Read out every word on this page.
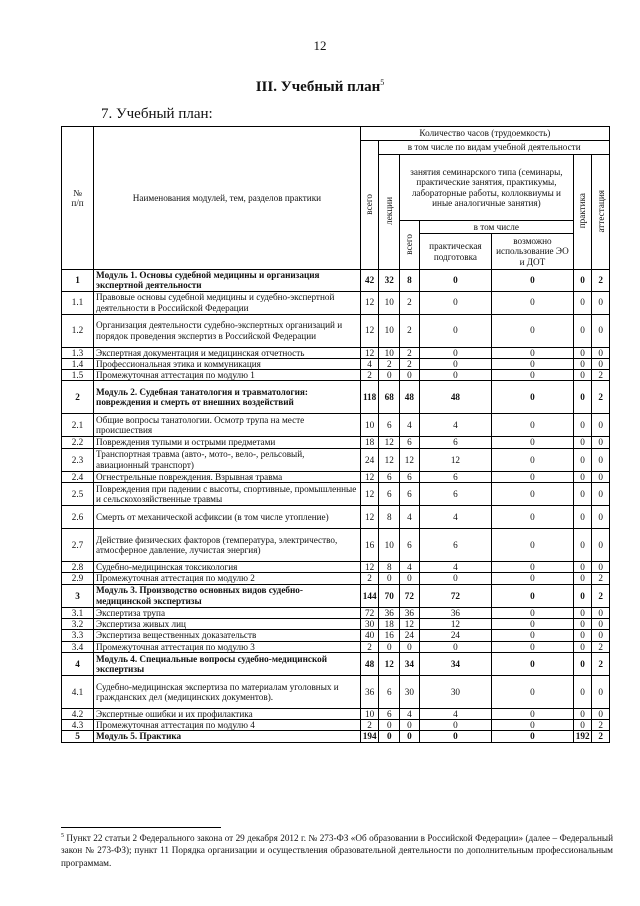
12
III. Учебный план$^5$
7. Учебный план:
№
п/п	Наименования модулей, тем, разделов практики	Количество часов (трудоемкость)						
		всего	в том числе по видам учебной деятельности					
			лекции	занятия семинарского типа (семинары, практические занятия, практикумы, лабораторные работы, коллоквиумы и иные аналогичные занятия)			практика	аттестация
				всего	в том числе			
					практическая подготовка	возможно использование ЭО и ДОТ		
1	Модуль 1. Основы судебной медицины и организация экспертной деятельности	42	32	8	0	0	0	2
1.1	Правовые основы судебной медицины и судебно-экспертной деятельности в Российской Федерации	12	10	2	0	0	0	0
1.2	Организация деятельности судебно-экспертных организаций и порядок проведения экспертиз в Российской Федерации	12	10	2	0	0	0	0
1.3	Экспертная документация и медицинская отчетность	12	10	2	0	0	0	0
1.4	Профессиональная этика и коммуникация	4	2	2	0	0	0	0
1.5	Промежуточная аттестация по модулю 1	2	0	0	0	0	0	2
2	Модуль 2. Судебная танатология и травматология: повреждения и смерть от внешних воздействий	118	68	48	48	0	0	2
2.1	Общие вопросы танатологии. Осмотр трупа на месте происшествия	10	6	4	4	0	0	0
2.2	Повреждения тупыми и острыми предметами	18	12	6	6	0	0	0
2.3	Транспортная травма (авто-, мото-, вело-, рельсовый, авиационный транспорт)	24	12	12	12	0	0	0
2.4	Огнестрельные повреждения. Взрывная травма	12	6	6	6	0	0	0
2.5	Повреждения при падении с высоты, спортивные, промышленные и сельскохозяйственные травмы	12	6	6	6	0	0	0
2.6	Смерть от механической асфиксии (в том числе утопление)	12	8	4	4	0	0	0
2.7	Действие физических факторов (температура, электричество, атмосферное давление, лучистая энергия)	16	10	6	6	0	0	0
2.8	Судебно-медицинская токсикология	12	8	4	4	0	0	0
2.9	Промежуточная аттестация по модулю 2	2	0	0	0	0	0	2
3	Модуль 3. Производство основных видов судебно-медицинской экспертизы	144	70	72	72	0	0	2
3.1	Экспертиза трупа	72	36	36	36	0	0	0
3.2	Экспертиза живых лиц	30	18	12	12	0	0	0
3.3	Экспертиза вещественных доказательств	40	16	24	24	0	0	0
3.4	Промежуточная аттестация по модулю 3	2	0	0	0	0	0	2
4	Модуль 4. Специальные вопросы судебно-медицинской экспертизы	48	12	34	34	0	0	2
4.1	Судебно-медицинская экспертиза по материалам уголовных и гражданских дел (медицинских документов).	36	6	30	30	0	0	0
4.2	Экспертные ошибки и их профилактика	10	6	4	4	0	0	0
4.3	Промежуточная аттестация по модулю 4	2	0	0	0	0	0	2
5	Модуль 5. Практика	194	0	0	0	0	192	2
$^5$ Пункт 22 статьи 2 Федерального закона от 29 декабря 2012 г. № 273-ФЗ «Об образовании в Российской Федерации» (далее – Федеральный закон № 273-ФЗ); пункт 11 Порядка организации и осуществления образовательной деятельности по дополнительным профессиональным программам.
